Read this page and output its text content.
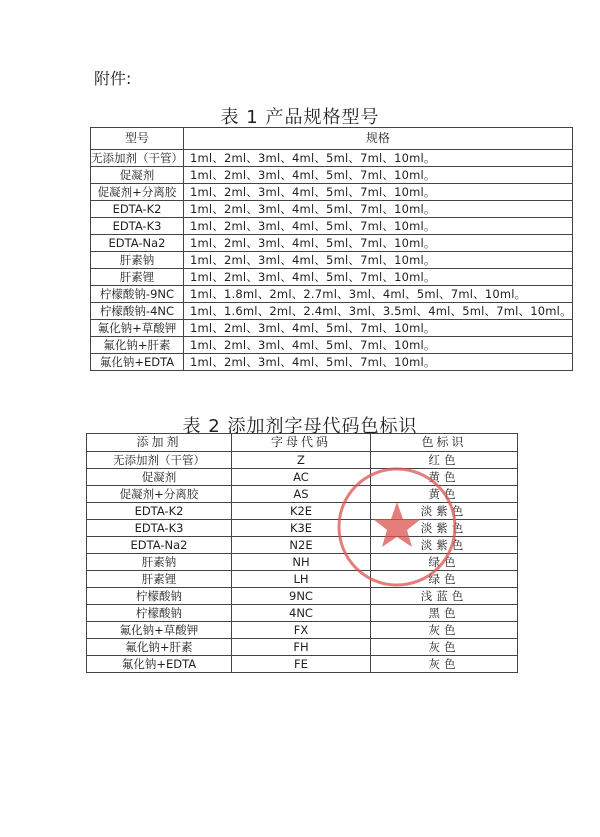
附件:
表 1 产品规格型号
型号	规格
无添加剂（干管）	1ml、2ml、3ml、4ml、5ml、7ml、10ml。
促凝剂	1ml、2ml、3ml、4ml、5ml、7ml、10ml。
促凝剂+分离胶	1ml、2ml、3ml、4ml、5ml、7ml、10ml。
EDTA-K2	1ml、2ml、3ml、4ml、5ml、7ml、10ml。
EDTA-K3	1ml、2ml、3ml、4ml、5ml、7ml、10ml。
EDTA-Na2	1ml、2ml、3ml、4ml、5ml、7ml、10ml。
肝素钠	1ml、2ml、3ml、4ml、5ml、7ml、10ml。
肝素锂	1ml、2ml、3ml、4ml、5ml、7ml、10ml。
柠檬酸钠-9NC	1ml、1.8ml、2ml、2.7ml、3ml、4ml、5ml、7ml、10ml。
柠檬酸钠-4NC	1ml、1.6ml、2ml、2.4ml、3ml、3.5ml、4ml、5ml、7ml、10ml。
氟化钠+草酸钾	1ml、2ml、3ml、4ml、5ml、7ml、10ml。
氟化钠+肝素	1ml、2ml、3ml、4ml、5ml、7ml、10ml。
氟化钠+EDTA	1ml、2ml、3ml、4ml、5ml、7ml、10ml。
表 2 添加剂字母代码色标识
添加剂	字母代码	色标识
无添加剂（干管）	Z	红色
促凝剂	AC	黄色
促凝剂+分离胶	AS	黄色
EDTA-K2	K2E	淡紫色
EDTA-K3	K3E	淡紫色
EDTA-Na2	N2E	淡紫色
肝素钠	NH	绿色
肝素锂	LH	绿色
柠檬酸钠	9NC	浅蓝色
柠檬酸钠	4NC	黑色
氟化钠+草酸钾	FX	灰色
氟化钠+肝素	FH	灰色
氟化钠+EDTA	FE	灰色
